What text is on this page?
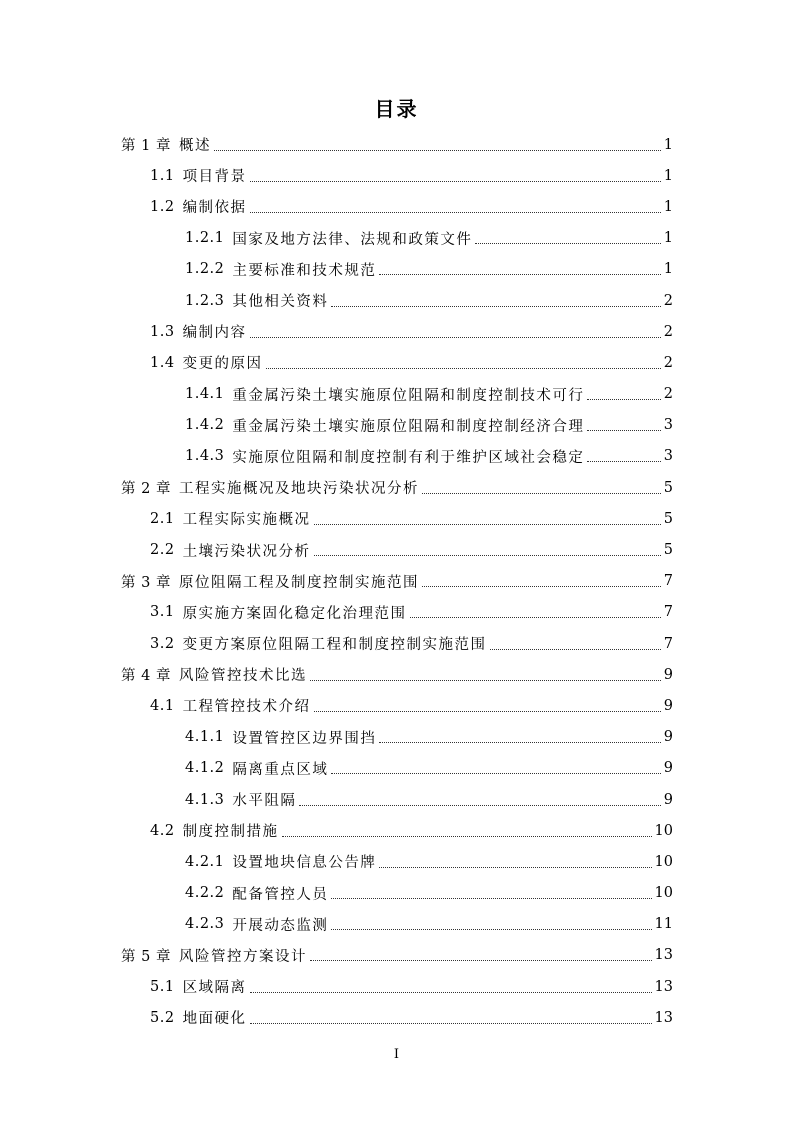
目录
第 1 章 概述	1
1.1 项目背景	1
1.2 编制依据	1
1.2.1 国家及地方法律、法规和政策文件	1
1.2.2 主要标准和技术规范	1
1.2.3 其他相关资料	2
1.3 编制内容	2
1.4 变更的原因	2
1.4.1 重金属污染土壤实施原位阻隔和制度控制技术可行	2
1.4.2 重金属污染土壤实施原位阻隔和制度控制经济合理	3
1.4.3 实施原位阻隔和制度控制有利于维护区域社会稳定	3
第 2 章 工程实施概况及地块污染状况分析	5
2.1 工程实际实施概况	5
2.2 土壤污染状况分析	5
第 3 章 原位阻隔工程及制度控制实施范围	7
3.1 原实施方案固化稳定化治理范围	7
3.2 变更方案原位阻隔工程和制度控制实施范围	7
第 4 章 风险管控技术比选	9
4.1 工程管控技术介绍	9
4.1.1 设置管控区边界围挡	9
4.1.2 隔离重点区域	9
4.1.3 水平阻隔	9
4.2 制度控制措施	10
4.2.1 设置地块信息公告牌	10
4.2.2 配备管控人员	10
4.2.3 开展动态监测	11
第 5 章 风险管控方案设计	13
5.1 区域隔离	13
5.2 地面硬化	13
I
